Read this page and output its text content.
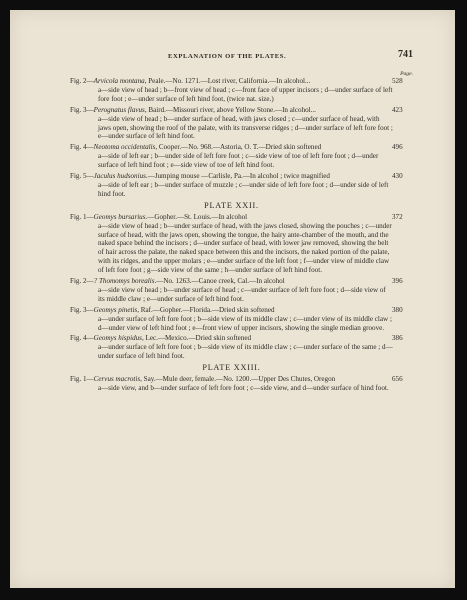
EXPLANATION OF THE PLATES.	741
Page.
Fig. 2—Arvicola montana, Peale.—No. 1271.—Lost river, California.—In alcohol...	528
a—side view of head ; b—front view of head ; c—front face of upper incisors ; d—under surface of left fore foot ; e—under surface of left hind foot, (twice nat. size.)
Fig. 3—Perognatus flavus, Baird.—Missouri river, above Yellow Stone.—In alcohol...	423
a—side view of head ; b—under surface of head, with jaws closed ; c—under surface of head, with jaws open, showing the roof of the palate, with its transverse ridges ; d—under surface of left fore foot ; e—under surface of left hind foot.
Fig. 4—Neotoma occidentalis, Cooper.—No. 968.—Astoria, O. T.—Dried skin softened	496
a—side of left ear ; b—under side of left fore foot ; c—side view of toe of left fore foot ; d—under surface of left hind foot ; e—side view of toe of left hind foot.
Fig. 5—Jaculus hudsonius.—Jumping mouse —Carlisle, Pa.—In alcohol ; twice magnified	430
a—side of left ear ; b—under surface of muzzle ; c—under side of left fore foot ; d—under side of left hind foot.
PLATE XXII.
Fig. 1—Geomys bursarius.—Gopher.—St. Louis.—In alcohol	372
a—side view of head ; b—under surface of head, with the jaws closed, showing the pouches ; c—under surface of head, with the jaws open, showing the tongue, the hairy ante-chamber of the mouth, and the naked space behind the incisors ; d—under surface of head, with lower jaw removed, showing the belt of hair across the palate, the naked space between this and the incisors, the naked portion of the palate, with its ridges, and the upper molars ; e—under surface of the left foot ; f—under view of middle claw of left fore foot ; g—side view of the same ; h—under surface of left hind foot.
Fig. 2—? Thomomys borealis.—No. 1263.—Canoe creek, Cal.—In alcohol	396
a—side view of head ; b—under surface of head ; c—under surface of left fore foot ; d—side view of its middle claw ; e—under surface of left hind foot.
Fig. 3—Geomys pinetis, Raf.—Gopher.—Florida.—Dried skin softened	380
a—under surface of left fore foot ; b—side view of its middle claw ; c—under view of its middle claw ; d—under view of left hind foot ; e—front view of upper incisors, showing the single median groove.
Fig. 4—Geomys hispidus, Lec.—Mexico.—Dried skin softened	386
a—under surface of left fore foot ; b—side view of its middle claw ; c—under surface of the same ; d—under surface of left hind foot.
PLATE XXIII.
Fig. 1—Cervus macrotis, Say.—Mule deer, female.—No. 1200.—Upper Des Chutes, Oregon	656
a—side view, and b—under surface of left fore foot ; c—side view, and d—under surface of hind foot.
